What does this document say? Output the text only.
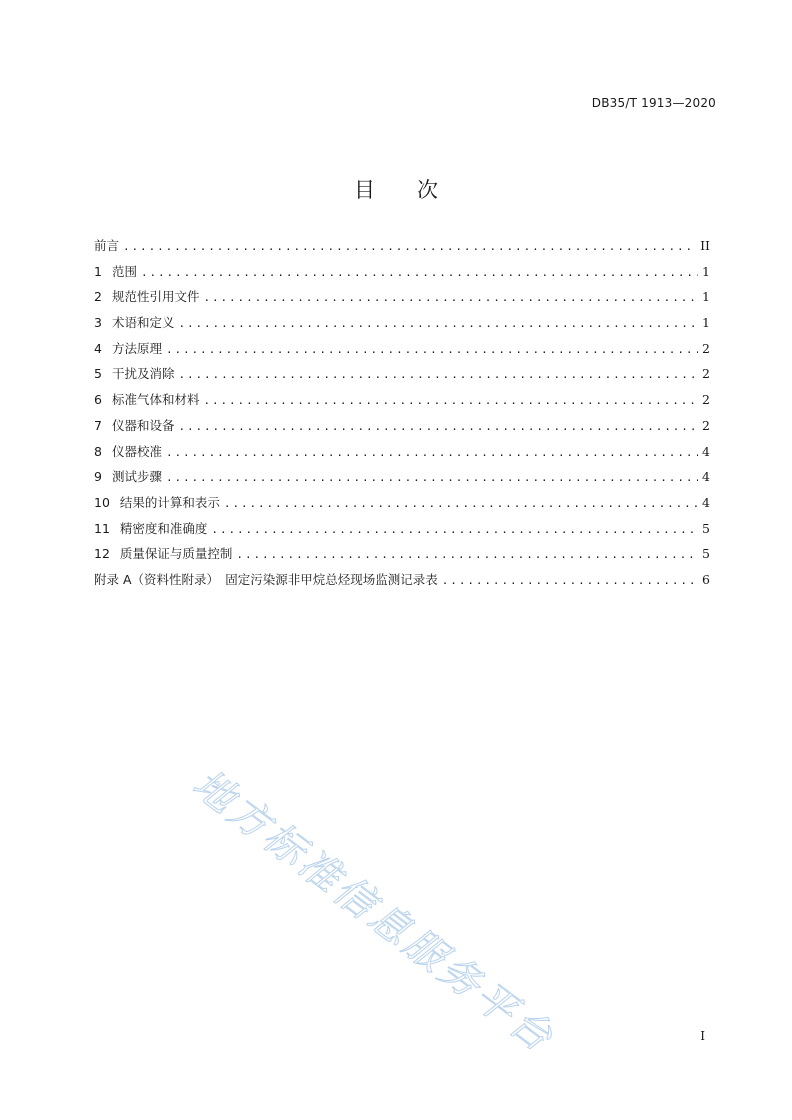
DB35/T 1913—2020
目　　次
前言 .....	II
1 范围 .....	1
2 规范性引用文件 .....	1
3 术语和定义 .....	1
4 方法原理 .....	2
5 干扰及消除 .....	2
6 标准气体和材料 .....	2
7 仪器和设备 .....	2
8 仪器校准 .....	4
9 测试步骤 .....	4
10 结果的计算和表示 .....	4
11 精密度和准确度 .....	5
12 质量保证与质量控制 .....	5
附录 A（资料性附录）　固定污染源非甲烷总烃现场监测记录表 .....	6
地方标准信息服务平台	I
